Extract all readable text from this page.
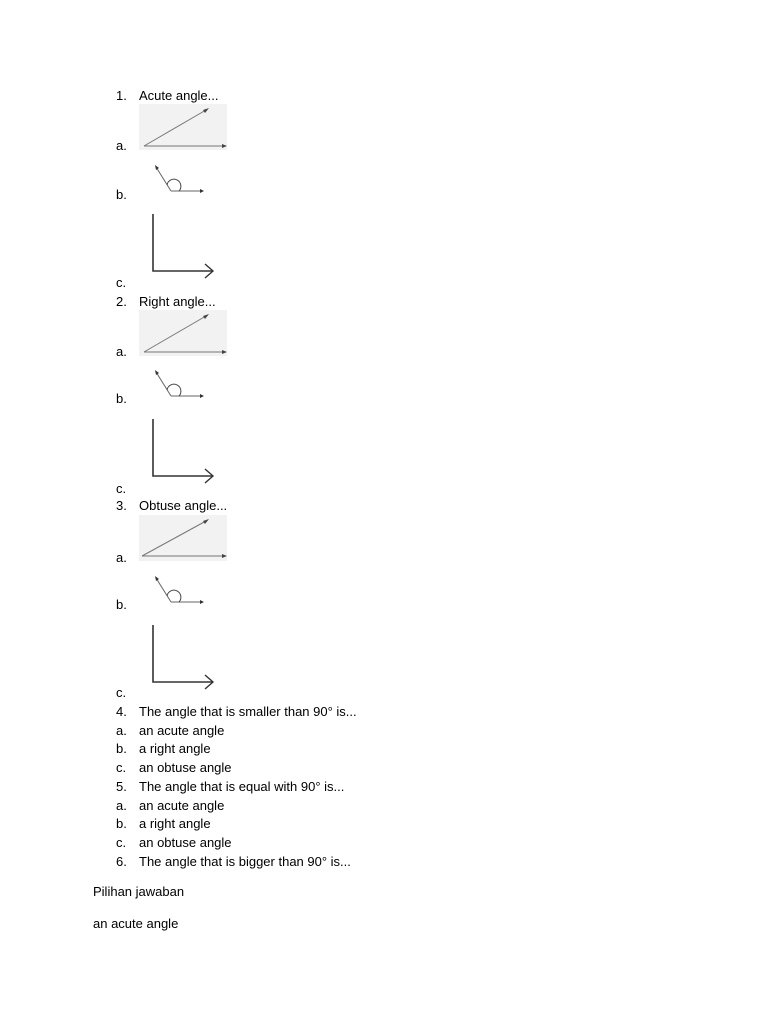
1. Acute angle...
a.
b.
c.
2. Right angle...
a.
b.
c.
3. Obtuse angle...
a.
b.
c.
4. The angle that is smaller than 90° is...
a. an acute angle
b. a right angle
c. an obtuse angle
5. The angle that is equal with 90° is...
a. an acute angle
b. a right angle
c. an obtuse angle
6. The angle that is bigger than 90° is...
Pilihan jawaban
an acute angle
